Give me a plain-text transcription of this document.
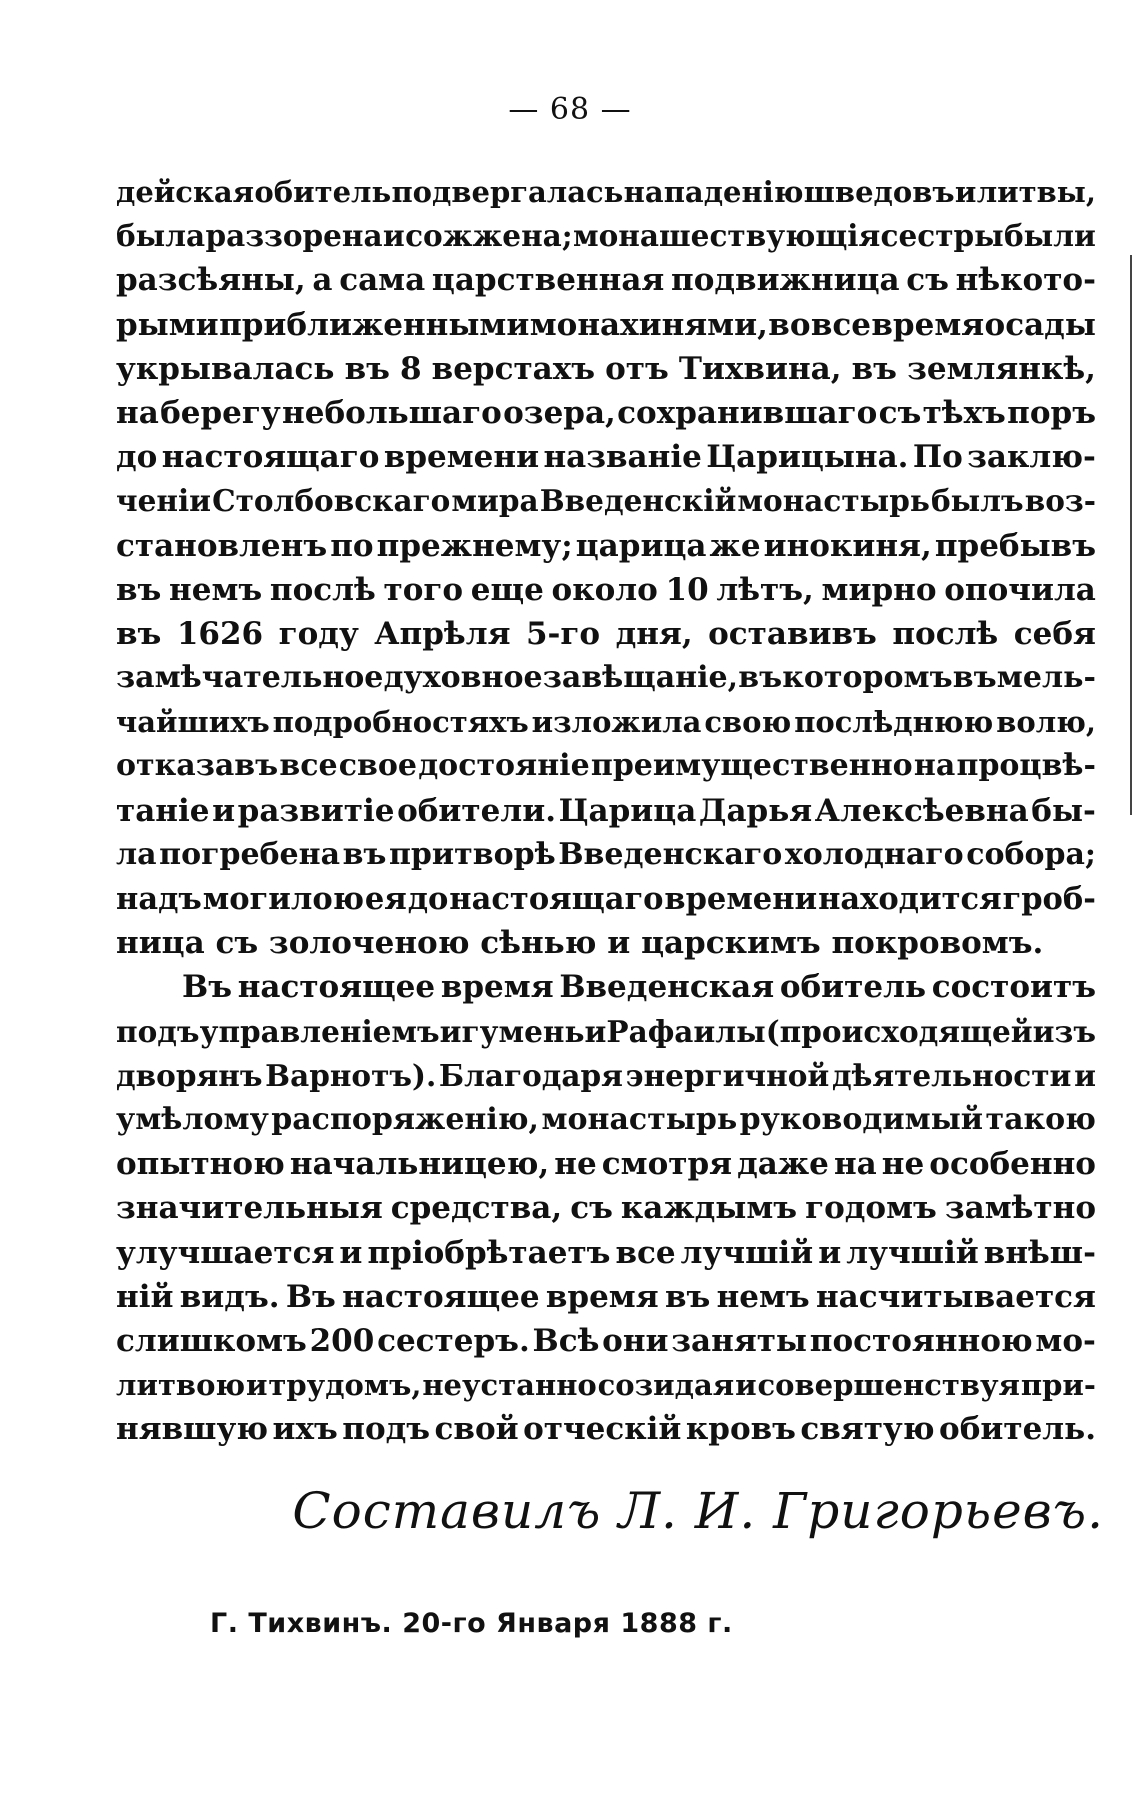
— 68 —
дейская обитель подвергалась нападенію шведовъ и литвы,
была раззорена и сожжена; монашествующія сестры были
разсѣяны, а сама царственная подвижница съ нѣкото-
рыми приближенными монахинями, во все время осады
укрывалась въ 8 верстахъ отъ Тихвина, въ землянкѣ,
на берегу небольшаго озера, сохранившаго съ тѣхъ поръ
до настоящаго времени названіе Царицына. По заклю-
ченіи Столбовскаго мира Введенскій монастырь былъ воз-
становленъ по прежнему; царица же инокиня, пребывъ
въ немъ послѣ того еще около 10 лѣтъ, мирно опочила
въ 1626 году Апрѣля 5-го дня, оставивъ послѣ себя
замѣчательное духовное завѣщаніе, въ которомъ въ мель-
чайшихъ подробностяхъ изложила свою послѣднюю волю,
отказавъ все свое достояніе преимущественно на процвѣ-
таніе и развитіе обители. Царица Дарья Алексѣевна бы-
ла погребена въ притворѣ Введенскаго холоднаго собора;
надъ могилою ея до настоящаго времени находится гроб-
ница съ золоченою сѣнью и царскимъ покровомъ.
Въ настоящее время Введенская обитель состоитъ
подъ управленіемъ игуменьи Рафаилы (происходящей изъ
дворянъ Варнотъ). Благодаря энергичной дѣятельности и
умѣлому распоряженію, монастырь руководимый такою
опытною начальницею, не смотря даже на не особенно
значительныя средства, съ каждымъ годомъ замѣтно
улучшается и пріобрѣтаетъ все лучшій и лучшій внѣш-
ній видъ. Въ настоящее время въ немъ насчитывается
слишкомъ 200 сестеръ. Всѣ они заняты постоянною мо-
литвою и трудомъ, неустанно созидая и совершенствуя при-
нявшую ихъ подъ свой отческій кровъ святую обитель.
Составилъ Л. И. Григорьевъ.
Г. Тихвинъ. 20-го Января 1888 г.
